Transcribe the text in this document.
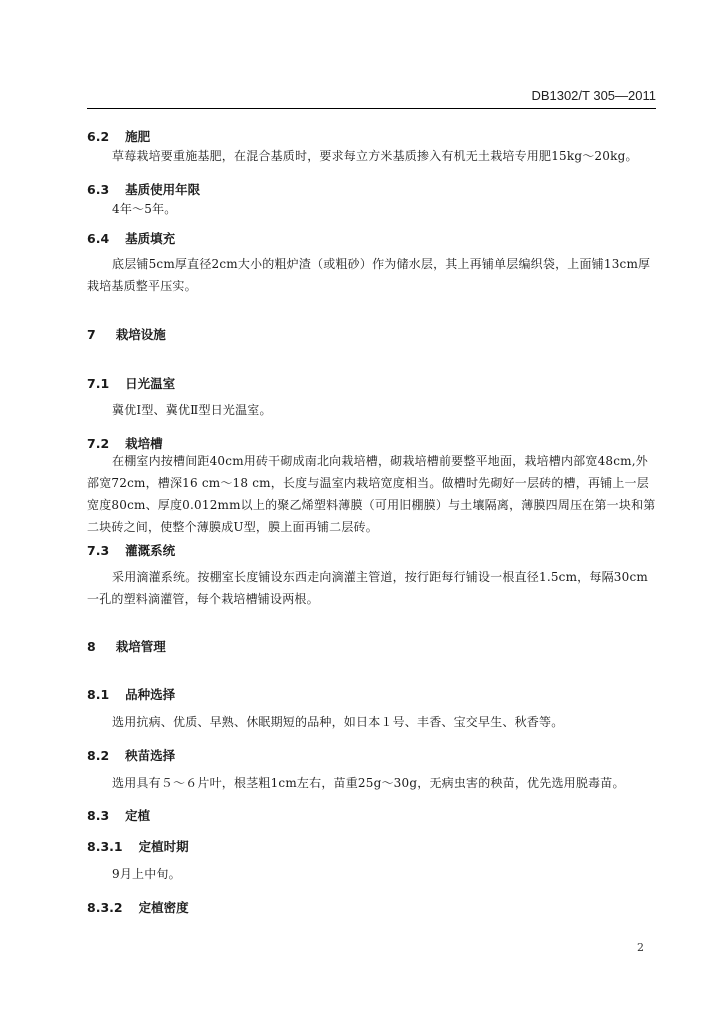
DB1302/T 305—2011
6.2 施肥
草莓栽培要重施基肥，在混合基质时，要求每立方米基质掺入有机无土栽培专用肥15kg～20kg。
6.3 基质使用年限
4年～5年。
6.4 基质填充
底层铺5cm厚直径2cm大小的粗炉渣（或粗砂）作为储水层，其上再铺单层编织袋，上面铺13cm厚栽培基质整平压实。
7 栽培设施
7.1 日光温室
冀优Ⅰ型、冀优Ⅱ型日光温室。
7.2 栽培槽
在棚室内按槽间距40cm用砖干砌成南北向栽培槽，砌栽培槽前要整平地面，栽培槽内部宽48cm,外部宽72cm，槽深16 cm～18 cm，长度与温室内栽培宽度相当。做槽时先砌好一层砖的槽，再铺上一层宽度80cm、厚度0.012mm以上的聚乙烯塑料薄膜（可用旧棚膜）与土壤隔离，薄膜四周压在第一块和第二块砖之间，使整个薄膜成U型，膜上面再铺二层砖。
7.3 灌溉系统
采用滴灌系统。按棚室长度铺设东西走向滴灌主管道，按行距每行铺设一根直径1.5cm，每隔30cm一孔的塑料滴灌管，每个栽培槽铺设两根。
8 栽培管理
8.1 品种选择
选用抗病、优质、早熟、休眠期短的品种，如日本１号、丰香、宝交早生、秋香等。
8.2 秧苗选择
选用具有５～６片叶，根茎粗1cm左右，苗重25g～30g，无病虫害的秧苗，优先选用脱毒苗。
8.3 定植
8.3.1 定植时期
9月上中旬。
8.3.2 定植密度
2
